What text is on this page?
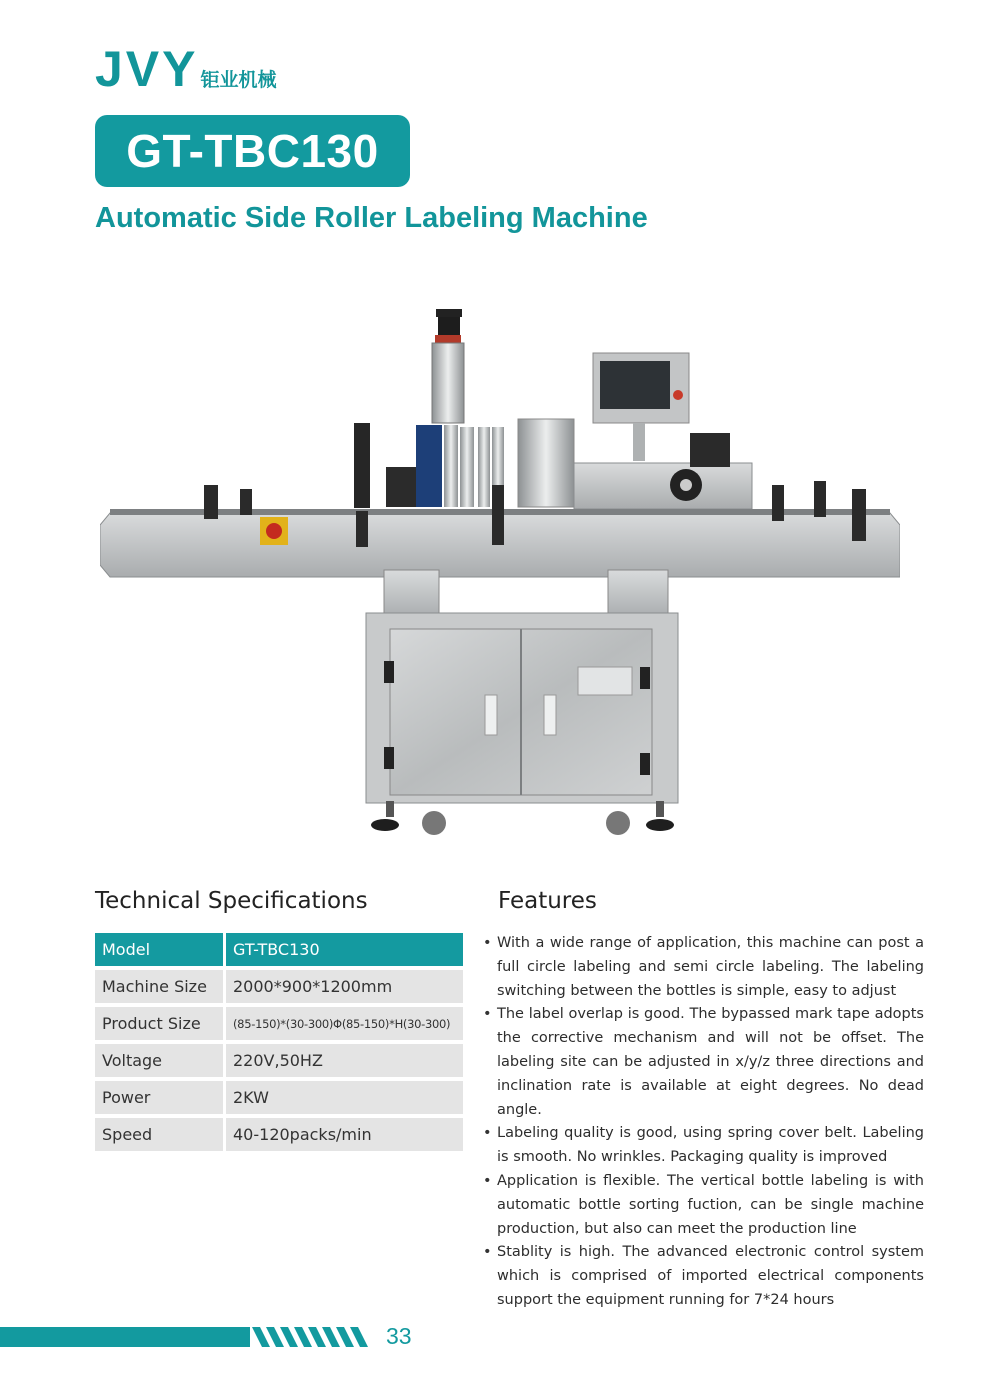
JVY 钜业机械
GT-TBC130
Automatic Side Roller Labeling Machine
Technical Specifications	Features
Model	GT-TBC130
Machine Size	2000*900*1200mm
Product Size	(85-150)*(30-300)Φ(85-150)*H(30-300)
Voltage	220V,50HZ
Power	2KW
Speed	40-120packs/min
• With a wide range of application, this machine can post a full circle labeling and semi circle labeling. The labeling switching between the bottles is simple, easy to adjust
• The label overlap is good. The bypassed mark tape adopts the corrective mechanism and will not be offset. The labeling site can be adjusted in x/y/z three directions and inclination rate is available at eight degrees. No dead angle.
• Labeling quality is good, using spring cover belt. Labeling is smooth. No wrinkles. Packaging quality is improved
• Application is flexible. The vertical bottle labeling is with automatic bottle sorting fuction, can be single machine production, but also can meet the production line
• Stablity is high. The advanced electronic control system which is comprised of imported electrical components support the equipment running for 7*24 hours
33
